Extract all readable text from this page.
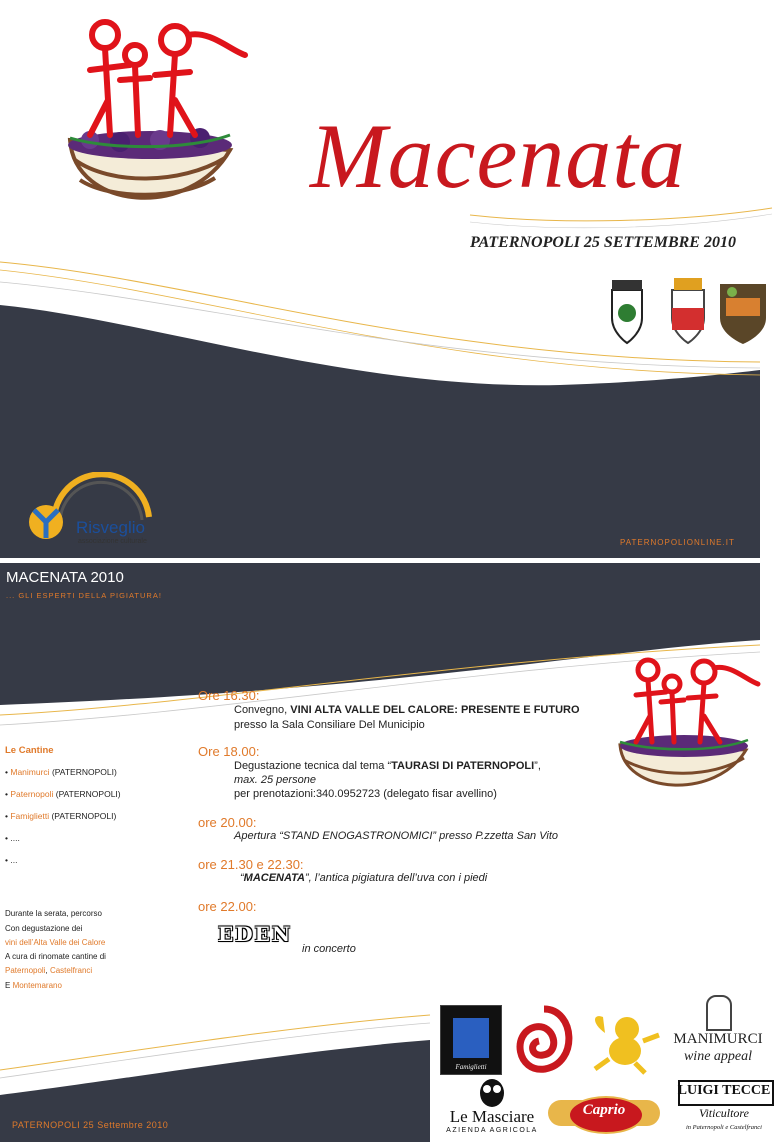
Macenata
PATERNOPOLI 25 SETTEMBRE 2010
Risveglio
associazione culturale	PATERNOPOLIONLINE.IT
MACENATA 2010
... GLI ESPERTI DELLA PIGIATURA!
Ore 16.30:
Convegno, VINI ALTA VALLE DEL CALORE: PRESENTE E FUTURO
presso la Sala Consiliare Del Municipio
Ore 18.00:
Degustazione tecnica dal tema “TAURASI DI PATERNOPOLI”,
max. 25 persone
per prenotazioni:340.0952723 (delegato fisar avellino)
ore 20.00:
Apertura “STAND ENOGASTRONOMICI” presso P.zzetta San Vito
ore 21.30 e 22.30:
“MACENATA”, l’antica pigiatura dell’uva con i piedi
ore 22.00:
EDEN
in concerto
Le Cantine
• Manimurci (PATERNOPOLI)
• Paternopoli (PATERNOPOLI)
• Famiglietti (PATERNOPOLI)
• ....
• ...
Durante la serata, percorso
Con degustazione dei
vini dell’Alta Valle dei Calore
A cura di rinomate cantine di
Paternopoli, Castelfranci
E Montemarano
PATERNOPOLI 25 Settembre 2010
Famiglietti
MANIMURCI
wine appeal
Le Masciare
AZIENDA AGRICOLA
Caprio
LUIGI TECCE
Viticultore
in Paternopoli e Castelfranci
